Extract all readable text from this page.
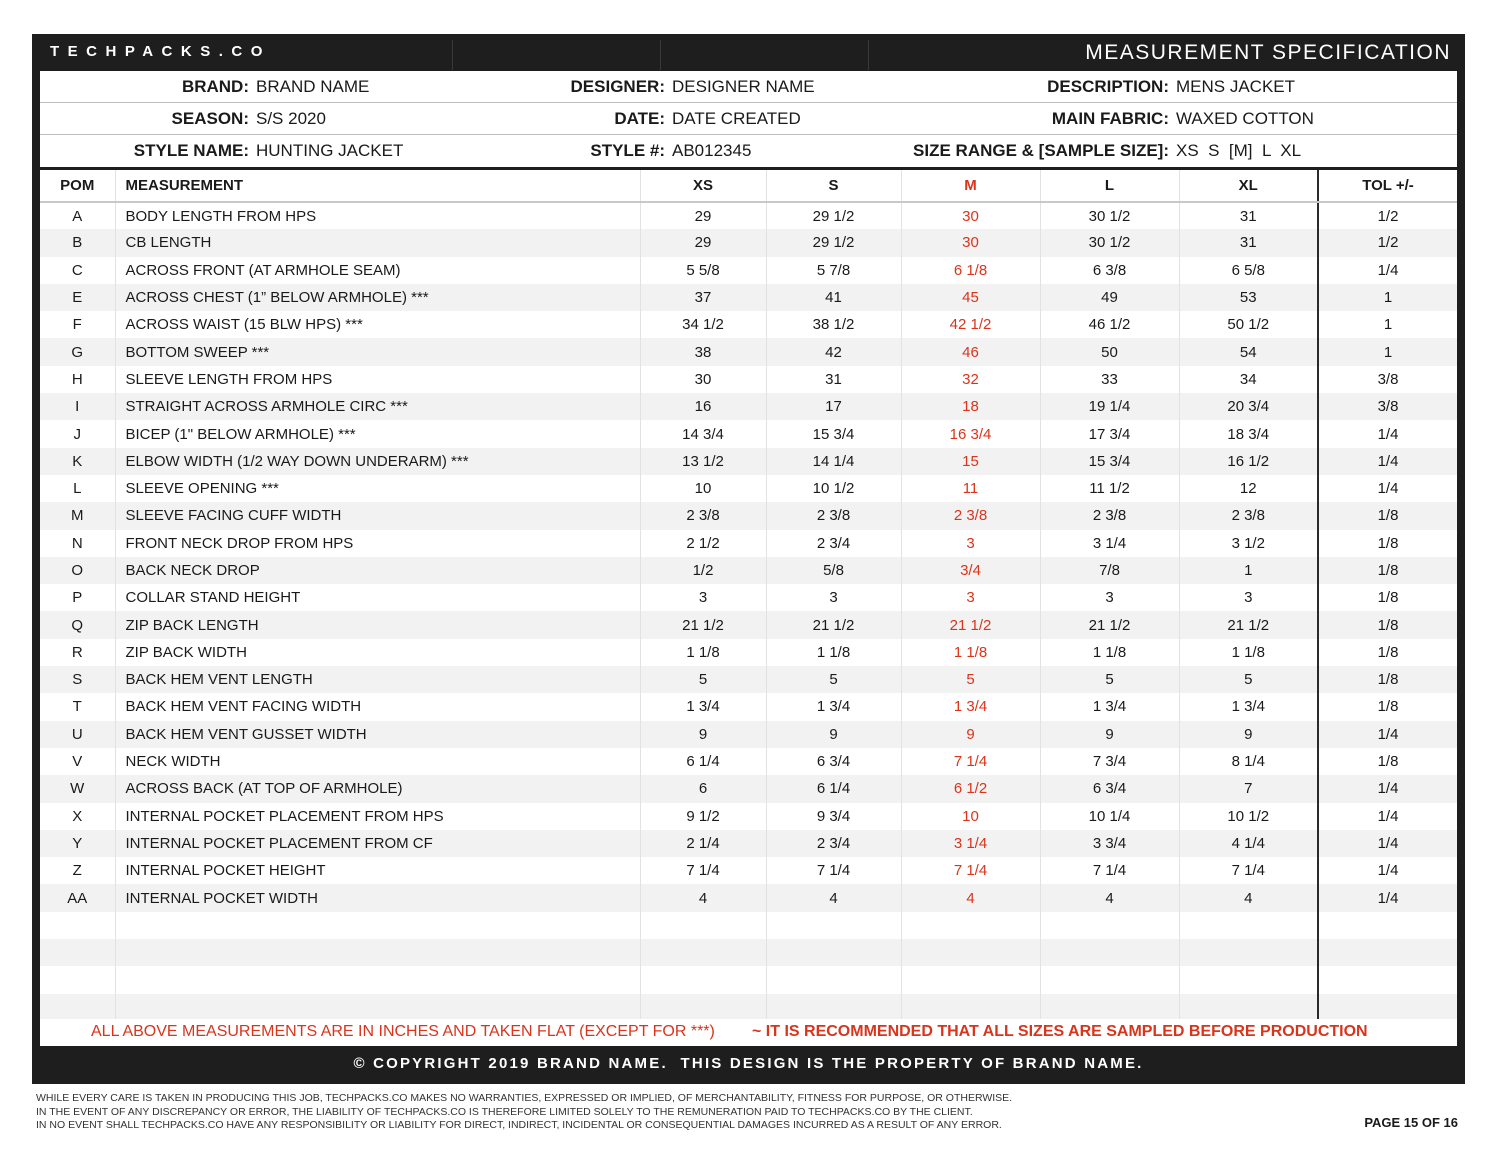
TECHPACKS.CO	MEASUREMENT SPECIFICATION
BRAND: BRAND NAME	DESIGNER: DESIGNER NAME	DESCRIPTION: MENS JACKET
SEASON: S/S 2020	DATE: DATE CREATED	MAIN FABRIC: WAXED COTTON
STYLE NAME: HUNTING JACKET	STYLE #: AB012345	SIZE RANGE & [SAMPLE SIZE]: XS  S  [M]  L  XL
POM	MEASUREMENT	XS	S	M	L	XL	TOL +/-
A	BODY LENGTH FROM HPS	29	29 1/2	30	30 1/2	31	1/2
B	CB LENGTH	29	29 1/2	30	30 1/2	31	1/2
C	ACROSS FRONT (AT ARMHOLE SEAM)	5 5/8	5 7/8	6 1/8	6 3/8	6 5/8	1/4
E	ACROSS CHEST (1” BELOW ARMHOLE) ***	37	41	45	49	53	1
F	ACROSS WAIST (15 BLW HPS) ***	34 1/2	38 1/2	42 1/2	46 1/2	50 1/2	1
G	BOTTOM SWEEP ***	38	42	46	50	54	1
H	SLEEVE LENGTH FROM HPS	30	31	32	33	34	3/8
I	STRAIGHT ACROSS ARMHOLE CIRC ***	16	17	18	19 1/4	20 3/4	3/8
J	BICEP (1" BELOW ARMHOLE) ***	14 3/4	15 3/4	16 3/4	17 3/4	18 3/4	1/4
K	ELBOW WIDTH (1/2 WAY DOWN UNDERARM) ***	13 1/2	14 1/4	15	15 3/4	16 1/2	1/4
L	SLEEVE OPENING ***	10	10 1/2	11	11 1/2	12	1/4
M	SLEEVE FACING CUFF WIDTH	2 3/8	2 3/8	2 3/8	2 3/8	2 3/8	1/8
N	FRONT NECK DROP FROM HPS	2 1/2	2 3/4	3	3 1/4	3 1/2	1/8
O	BACK NECK DROP	1/2	5/8	3/4	7/8	1	1/8
P	COLLAR STAND HEIGHT	3	3	3	3	3	1/8
Q	ZIP BACK LENGTH	21 1/2	21 1/2	21 1/2	21 1/2	21 1/2	1/8
R	ZIP BACK WIDTH	1 1/8	1 1/8	1 1/8	1 1/8	1 1/8	1/8
S	BACK HEM VENT LENGTH	5	5	5	5	5	1/8
T	BACK HEM VENT FACING WIDTH	1 3/4	1 3/4	1 3/4	1 3/4	1 3/4	1/8
U	BACK HEM VENT GUSSET WIDTH	9	9	9	9	9	1/4
V	NECK WIDTH	6 1/4	6 3/4	7 1/4	7 3/4	8 1/4	1/8
W	ACROSS BACK (AT TOP OF ARMHOLE)	6	6 1/4	6 1/2	6 3/4	7	1/4
X	INTERNAL POCKET PLACEMENT FROM HPS	9 1/2	9 3/4	10	10 1/4	10 1/2	1/4
Y	INTERNAL POCKET PLACEMENT FROM CF	2 1/4	2 3/4	3 1/4	3 3/4	4 1/4	1/4
Z	INTERNAL POCKET HEIGHT	7 1/4	7 1/4	7 1/4	7 1/4	7 1/4	1/4
AA	INTERNAL POCKET WIDTH	4	4	4	4	4	1/4

ALL ABOVE MEASUREMENTS ARE IN INCHES AND TAKEN FLAT (EXCEPT FOR ***) ~ IT IS RECOMMENDED THAT ALL SIZES ARE SAMPLED BEFORE PRODUCTION
© COPYRIGHT 2019 BRAND NAME.  THIS DESIGN IS THE PROPERTY OF BRAND NAME.
WHILE EVERY CARE IS TAKEN IN PRODUCING THIS JOB, TECHPACKS.CO MAKES NO WARRANTIES, EXPRESSED OR IMPLIED, OF MERCHANTABILITY, FITNESS FOR PURPOSE, OR OTHERWISE.
IN THE EVENT OF ANY DISCREPANCY OR ERROR, THE LIABILITY OF TECHPACKS.CO IS THEREFORE LIMITED SOLELY TO THE REMUNERATION PAID TO TECHPACKS.CO BY THE CLIENT.
IN NO EVENT SHALL TECHPACKS.CO HAVE ANY RESPONSIBILITY OR LIABILITY FOR DIRECT, INDIRECT, INCIDENTAL OR CONSEQUENTIAL DAMAGES INCURRED AS A RESULT OF ANY ERROR.	PAGE 15 OF 16
